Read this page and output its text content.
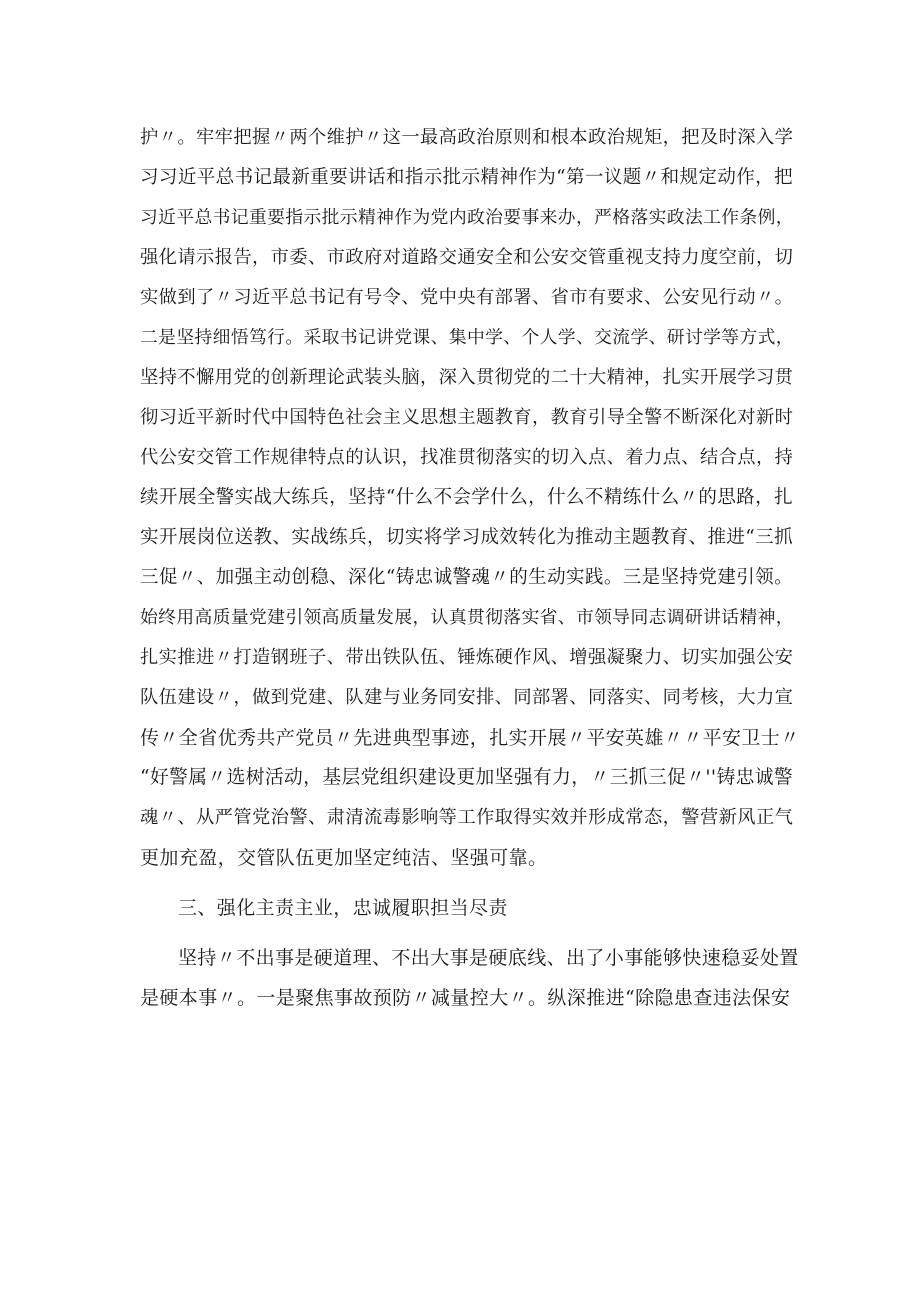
护〃。牢牢把握〃两个维护〃这一最高政治原则和根本政治规矩，把及时深入学
习习近平总书记最新重要讲话和指示批示精神作为“第一议题〃和规定动作，把
习近平总书记重要指示批示精神作为党内政治要事来办，严格落实政法工作条例，
强化请示报告，市委、市政府对道路交通安全和公安交管重视支持力度空前，切
实做到了〃习近平总书记有号令、党中央有部署、省市有要求、公安见行动〃。
二是坚持细悟笃行。采取书记讲党课、集中学、个人学、交流学、研讨学等方式，
坚持不懈用党的创新理论武装头脑，深入贯彻党的二十大精神，扎实开展学习贯
彻习近平新时代中国特色社会主义思想主题教育，教育引导全警不断深化对新时
代公安交管工作规律特点的认识，找准贯彻落实的切入点、着力点、结合点，持
续开展全警实战大练兵，坚持“什么不会学什么，什么不精练什么〃的思路，扎
实开展岗位送教、实战练兵，切实将学习成效转化为推动主题教育、推进“三抓
三促〃、加强主动创稳、深化“铸忠诚警魂〃的生动实践。三是坚持党建引领。
始终用高质量党建引领高质量发展，认真贯彻落实省、市领导同志调研讲话精神，
扎实推进〃打造钢班子、带出铁队伍、锤炼硬作风、增强凝聚力、切实加强公安
队伍建设〃，做到党建、队建与业务同安排、同部署、同落实、同考核，大力宣
传〃全省优秀共产党员〃先进典型事迹，扎实开展〃平安英雄〃〃平安卫士〃
“好警属〃选树活动，基层党组织建设更加坚强有力，〃三抓三促〃''铸忠诚警
魂〃、从严管党治警、肃清流毒影响等工作取得实效并形成常态，警营新风正气
更加充盈，交管队伍更加坚定纯洁、坚强可靠。
三、强化主责主业，忠诚履职担当尽责
坚持〃不出事是硬道理、不出大事是硬底线、出了小事能够快速稳妥处置
是硬本事〃。一是聚焦事故预防〃减量控大〃。纵深推进“除隐患查违法保安
